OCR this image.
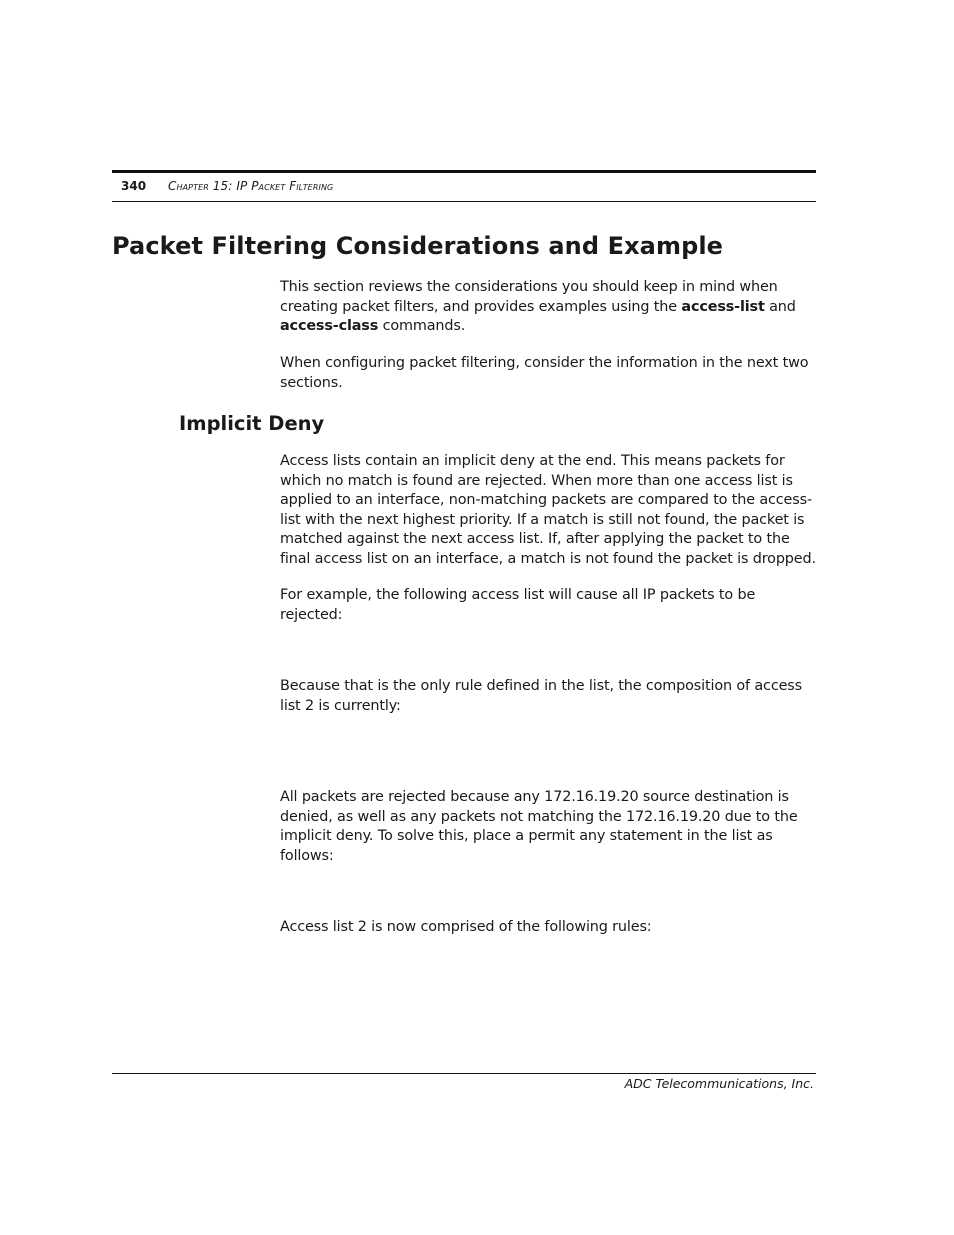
340 Chapter 15: IP Packet Filtering
Packet Filtering Considerations and Example

This section reviews the considerations you should keep in mind when creating packet filters, and provides examples using the access-list and access-class commands.

When configuring packet filtering, consider the information in the next two sections.

Implicit Deny

Access lists contain an implicit deny at the end. This means packets for which no match is found are rejected. When more than one access list is applied to an interface, non-matching packets are compared to the access-list with the next highest priority. If a match is still not found, the packet is matched against the next access list. If, after applying the packet to the final access list on an interface, a match is not found the packet is dropped.

For example, the following access list will cause all IP packets to be rejected:

Because that is the only rule defined in the list, the composition of access list 2 is currently:

All packets are rejected because any 172.16.19.20 source destination is denied, as well as any packets not matching the 172.16.19.20 due to the implicit deny. To solve this, place a permit any statement in the list as follows:

Access list 2 is now comprised of the following rules:

ADC Telecommunications, Inc.
